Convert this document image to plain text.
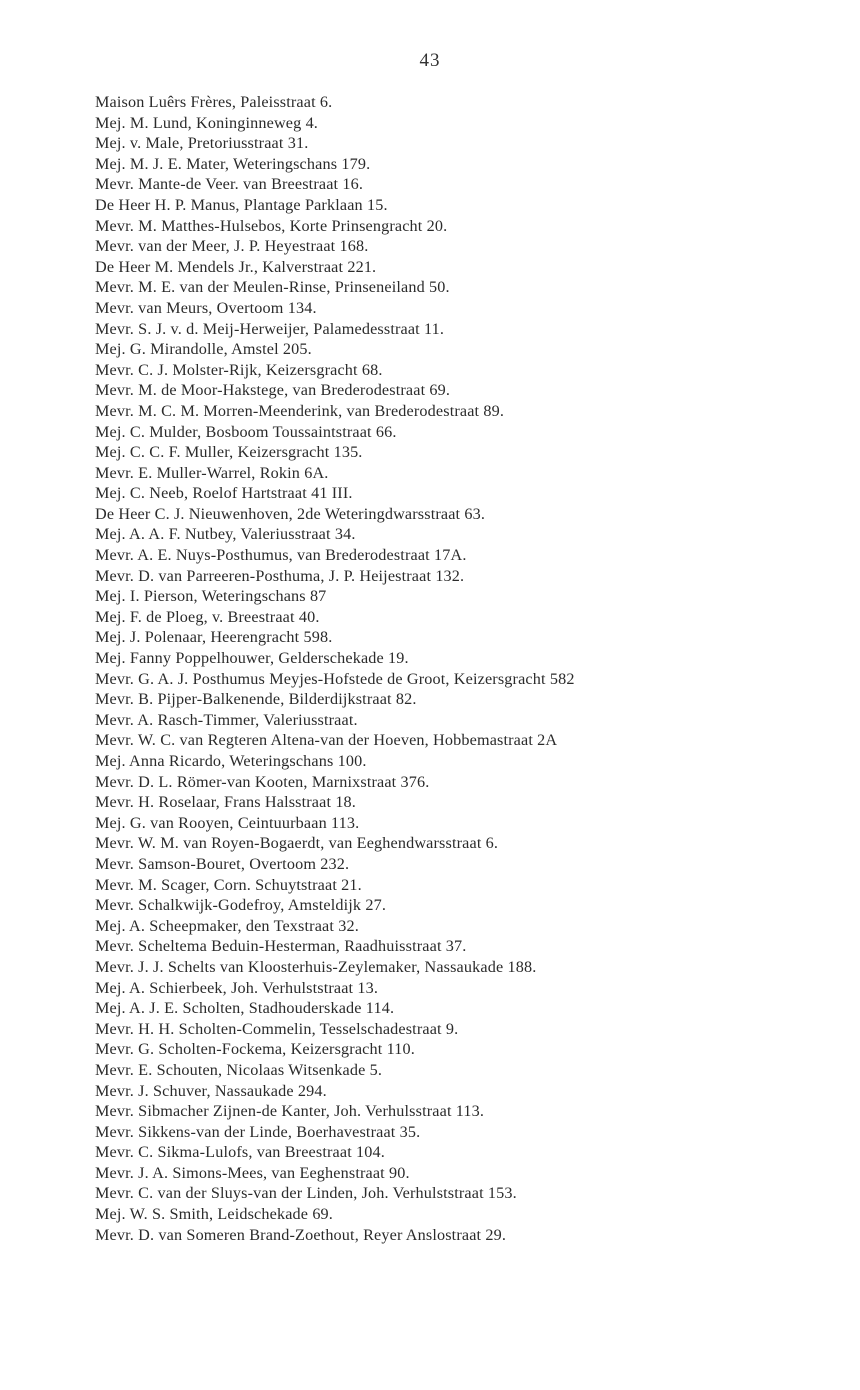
43
Maison Luêrs Frères, Paleisstraat 6.
Mej. M. Lund, Koninginneweg 4.
Mej. v. Male, Pretoriusstraat 31.
Mej. M. J. E. Mater, Weteringschans 179.
Mevr. Mante-de Veer. van Breestraat 16.
De Heer H. P. Manus, Plantage Parklaan 15.
Mevr. M. Matthes-Hulsebos, Korte Prinsengracht 20.
Mevr. van der Meer, J. P. Heyestraat 168.
De Heer M. Mendels Jr., Kalverstraat 221.
Mevr. M. E. van der Meulen-Rinse, Prinseneiland 50.
Mevr. van Meurs, Overtoom 134.
Mevr. S. J. v. d. Meij-Herweijer, Palamedesstraat 11.
Mej. G. Mirandolle, Amstel 205.
Mevr. C. J. Molster-Rijk, Keizersgracht 68.
Mevr. M. de Moor-Hakstege, van Brederodestraat 69.
Mevr. M. C. M. Morren-Meenderink, van Brederodestraat 89.
Mej. C. Mulder, Bosboom Toussaintstraat 66.
Mej. C. C. F. Muller, Keizersgracht 135.
Mevr. E. Muller-Warrel, Rokin 6A.
Mej. C. Neeb, Roelof Hartstraat 41 III.
De Heer C. J. Nieuwenhoven, 2de Weteringdwarsstraat 63.
Mej. A. A. F. Nutbey, Valeriusstraat 34.
Mevr. A. E. Nuys-Posthumus, van Brederodestraat 17A.
Mevr. D. van Parreeren-Posthuma, J. P. Heijestraat 132.
Mej. I. Pierson, Weteringschans 87
Mej. F. de Ploeg, v. Breestraat 40.
Mej. J. Polenaar, Heerengracht 598.
Mej. Fanny Poppelhouwer, Gelderschekade 19.
Mevr. G. A. J. Posthumus Meyjes-Hofstede de Groot, Keizersgracht 582
Mevr. B. Pijper-Balkenende, Bilderdijkstraat 82.
Mevr. A. Rasch-Timmer, Valeriusstraat.
Mevr. W. C. van Regteren Altena-van der Hoeven, Hobbemastraat 2A
Mej. Anna Ricardo, Weteringschans 100.
Mevr. D. L. Römer-van Kooten, Marnixstraat 376.
Mevr. H. Roselaar, Frans Halsstraat 18.
Mej. G. van Rooyen, Ceintuurbaan 113.
Mevr. W. M. van Royen-Bogaerdt, van Eeghendwarsstraat 6.
Mevr. Samson-Bouret, Overtoom 232.
Mevr. M. Scager, Corn. Schuytstraat 21.
Mevr. Schalkwijk-Godefroy, Amsteldijk 27.
Mej. A. Scheepmaker, den Texstraat 32.
Mevr. Scheltema Beduin-Hesterman, Raadhuisstraat 37.
Mevr. J. J. Schelts van Kloosterhuis-Zeylemaker, Nassaukade 188.
Mej. A. Schierbeek, Joh. Verhulststraat 13.
Mej. A. J. E. Scholten, Stadhouderskade 114.
Mevr. H. H. Scholten-Commelin, Tesselschadestraat 9.
Mevr. G. Scholten-Fockema, Keizersgracht 110.
Mevr. E. Schouten, Nicolaas Witsenkade 5.
Mevr. J. Schuver, Nassaukade 294.
Mevr. Sibmacher Zijnen-de Kanter, Joh. Verhulsstraat 113.
Mevr. Sikkens-van der Linde, Boerhavestraat 35.
Mevr. C. Sikma-Lulofs, van Breestraat 104.
Mevr. J. A. Simons-Mees, van Eeghenstraat 90.
Mevr. C. van der Sluys-van der Linden, Joh. Verhulststraat 153.
Mej. W. S. Smith, Leidschekade 69.
Mevr. D. van Someren Brand-Zoethout, Reyer Anslostraat 29.
